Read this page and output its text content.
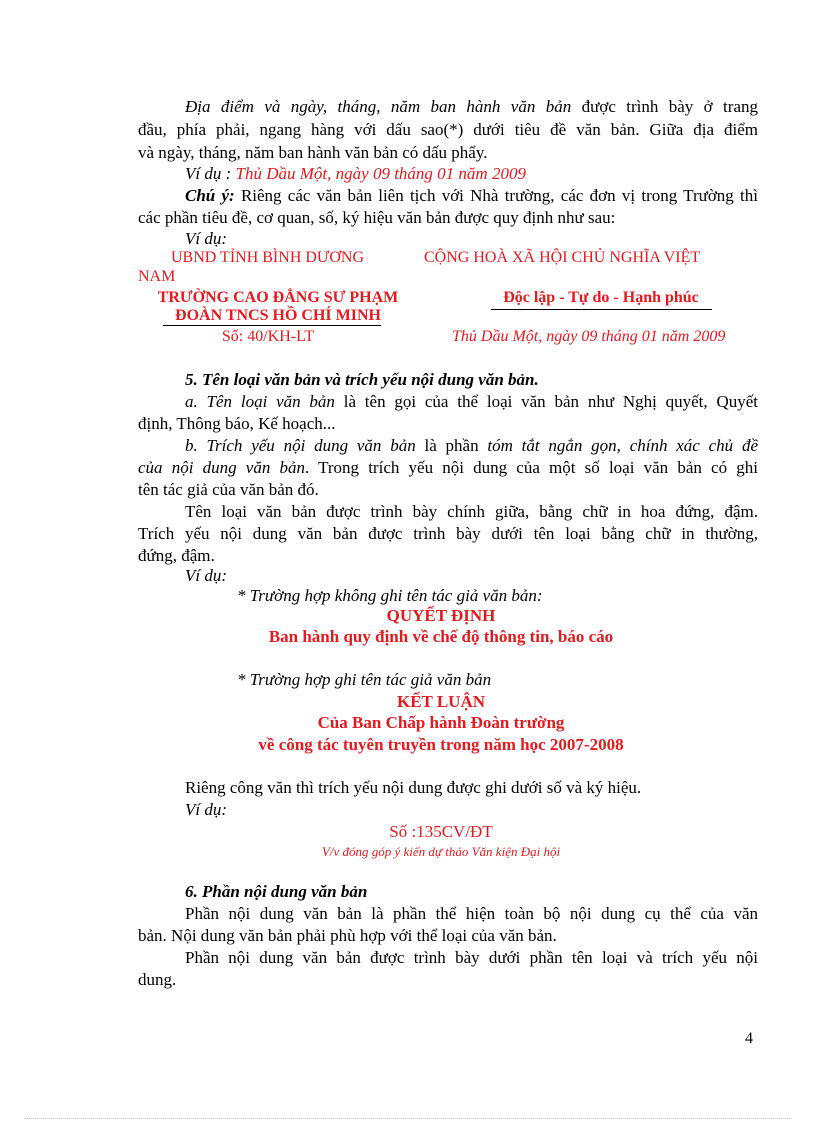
Địa điểm và ngày, tháng, năm ban hành văn bản được trình bày ở trang
đầu, phía phải, ngang hàng với dấu sao(*) dưới tiêu đề văn bản. Giữa địa điểm
và ngày, tháng, năm ban hành văn bản có dấu phẩy.
Ví dụ : Thủ Dầu Một, ngày 09 tháng 01 năm 2009
Chú ý: Riêng các văn bản liên tịch với Nhà trường, các đơn vị trong Trường thì
các phần tiêu đề, cơ quan, số, ký hiệu văn bản được quy định như sau:
Ví dụ:
UBND TỈNH BÌNH DƯƠNG	CỘNG HOÀ XÃ HỘI CHỦ NGHĨA VIỆT
NAM
TRƯỜNG CAO ĐẲNG SƯ PHẠM	Độc lập - Tự do - Hạnh phúc
ĐOÀN TNCS HỒ CHÍ MINH
Số: 40/KH-LT	Thủ Dầu Một, ngày 09 tháng 01 năm 2009
5. Tên loại văn bản và trích yếu nội dung văn bản.
a. Tên loại văn bản là tên gọi của thể loại văn bản như Nghị quyết, Quyết
định, Thông báo, Kế hoạch...
b. Trích yếu nội dung văn bản là phần tóm tắt ngắn gọn, chính xác chủ đề
của nội dung văn bản. Trong trích yếu nội dung của một số loại văn bản có ghi
tên tác giả của văn bản đó.
Tên loại văn bản được trình bày chính giữa, bằng chữ in hoa đứng, đậm.
Trích yếu nội dung văn bản được trình bày dưới tên loại bằng chữ in thường,
đứng, đậm.
Ví dụ:
* Trường hợp không ghi tên tác giả văn bản:
QUYẾT ĐỊNH
Ban hành quy định về chế độ thông tin, báo cáo
* Trường hợp ghi tên tác giả văn bản
KẾT LUẬN
Của Ban Chấp hành Đoàn trường
về công tác tuyên truyền trong năm học 2007-2008
Riêng công văn thì trích yếu nội dung được ghi dưới số và ký hiệu.
Ví dụ:
Số :135CV/ĐT
V/v đóng góp ý kiến dự thảo Văn kiện Đại hội
6. Phần nội dung văn bản
Phần nội dung văn bản là phần thể hiện toàn bộ nội dung cụ thể của văn
bản. Nội dung văn bản phải phù hợp với thể loại của văn bản.
Phần nội dung văn bản được trình bày dưới phần tên loại và trích yếu nội
dung.
4
